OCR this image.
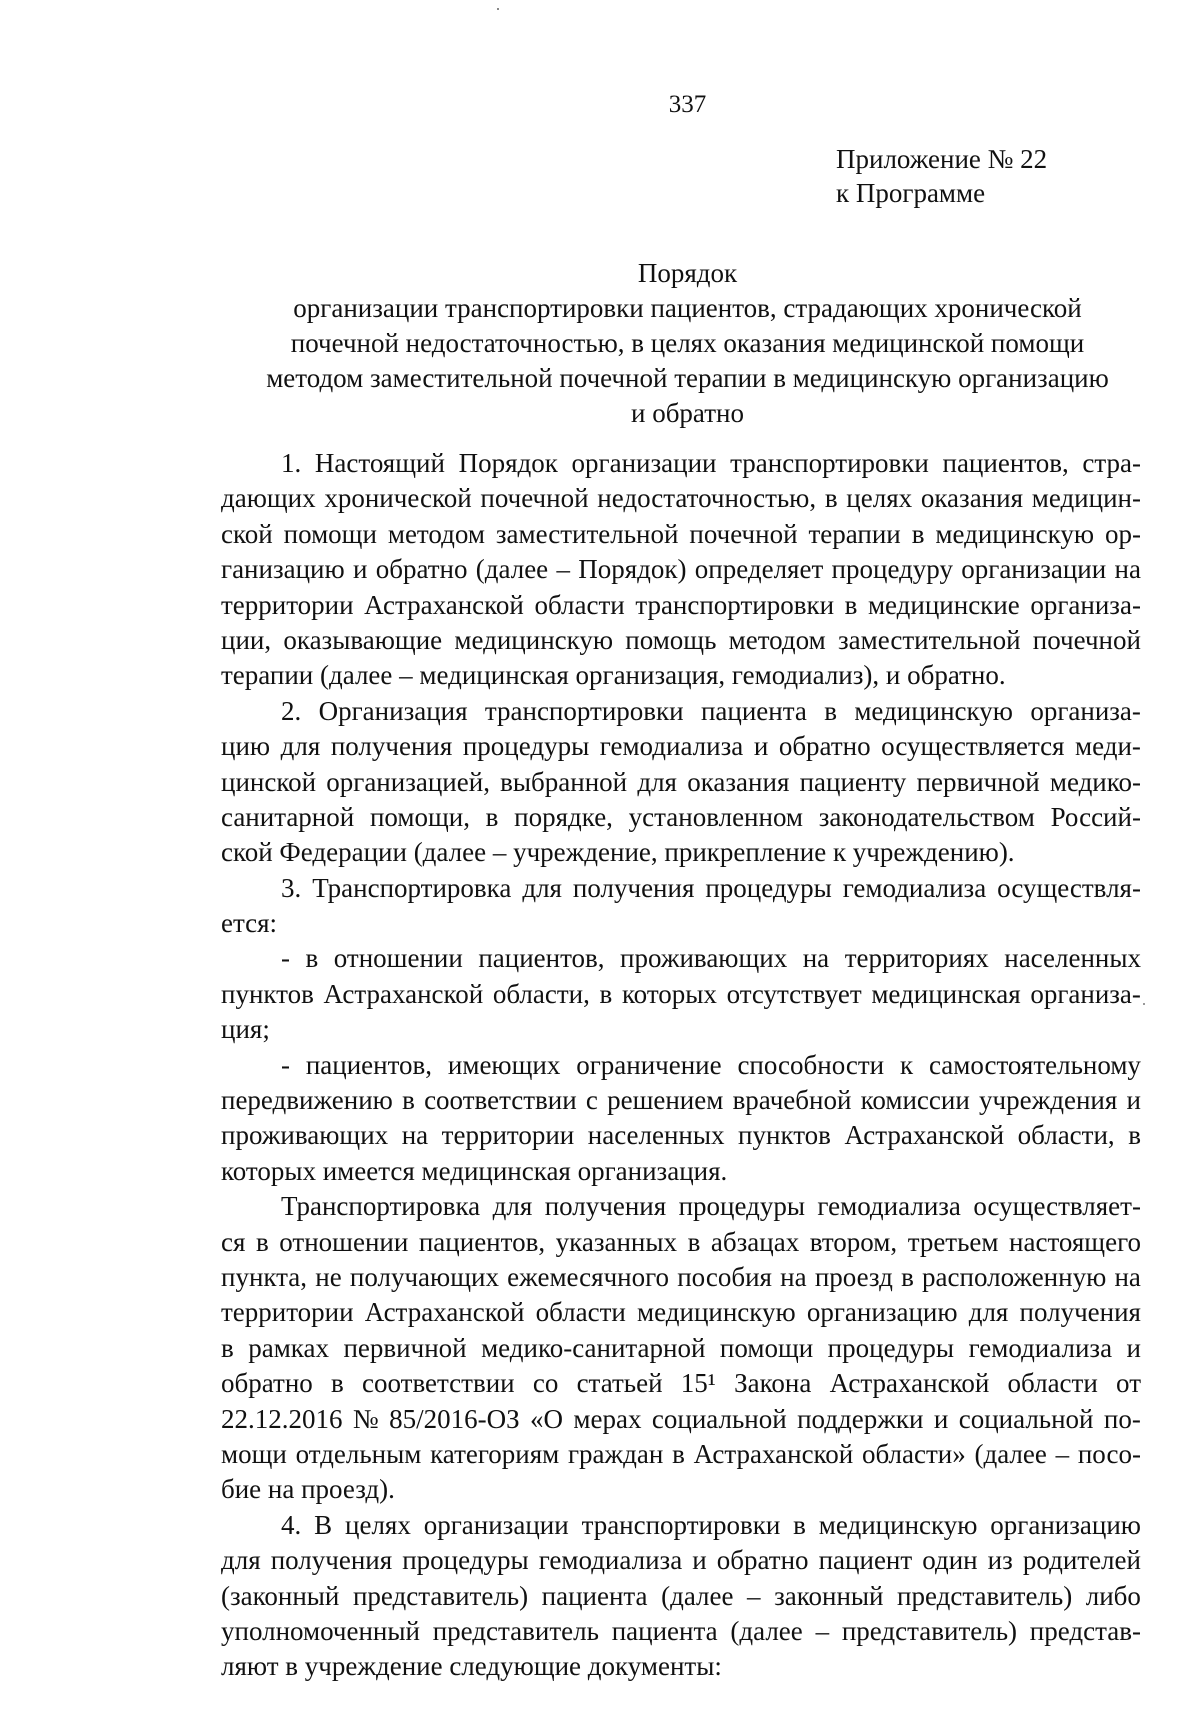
337
Приложение № 22
к Программе
Порядок
организации транспортировки пациентов, страдающих хронической
почечной недостаточностью, в целях оказания медицинской помощи
методом заместительной почечной терапии в медицинскую организацию
и обратно
1. Настоящий Порядок организации транспортировки пациентов, стра-
дающих хронической почечной недостаточностью, в целях оказания медицин-
ской помощи методом заместительной почечной терапии в медицинскую ор-
ганизацию и обратно (далее – Порядок) определяет процедуру организации на
территории Астраханской области транспортировки в медицинские организа-
ции, оказывающие медицинскую помощь методом заместительной почечной
терапии (далее – медицинская организация, гемодиализ), и обратно.
2. Организация транспортировки пациента в медицинскую организа-
цию для получения процедуры гемодиализа и обратно осуществляется меди-
цинской организацией, выбранной для оказания пациенту первичной медико-
санитарной помощи, в порядке, установленном законодательством Россий-
ской Федерации (далее – учреждение, прикрепление к учреждению).
3. Транспортировка для получения процедуры гемодиализа осуществля-
ется:
- в отношении пациентов, проживающих на территориях населенных
пунктов Астраханской области, в которых отсутствует медицинская организа-
ция;
- пациентов, имеющих ограничение способности к самостоятельному
передвижению в соответствии с решением врачебной комиссии учреждения и
проживающих на территории населенных пунктов Астраханской области, в
которых имеется медицинская организация.
Транспортировка для получения процедуры гемодиализа осуществляет-
ся в отношении пациентов, указанных в абзацах втором, третьем настоящего
пункта, не получающих ежемесячного пособия на проезд в расположенную на
территории Астраханской области медицинскую организацию для получения
в рамках первичной медико-санитарной помощи процедуры гемодиализа и
обратно в соответствии со статьей 15¹ Закона Астраханской области от
22.12.2016 № 85/2016-ОЗ «О мерах социальной поддержки и социальной по-
мощи отдельным категориям граждан в Астраханской области» (далее – посо-
бие на проезд).
4. В целях организации транспортировки в медицинскую организацию
для получения процедуры гемодиализа и обратно пациент один из родителей
(законный представитель) пациента (далее – законный представитель) либо
уполномоченный представитель пациента (далее – представитель) представ-
ляют в учреждение следующие документы:
